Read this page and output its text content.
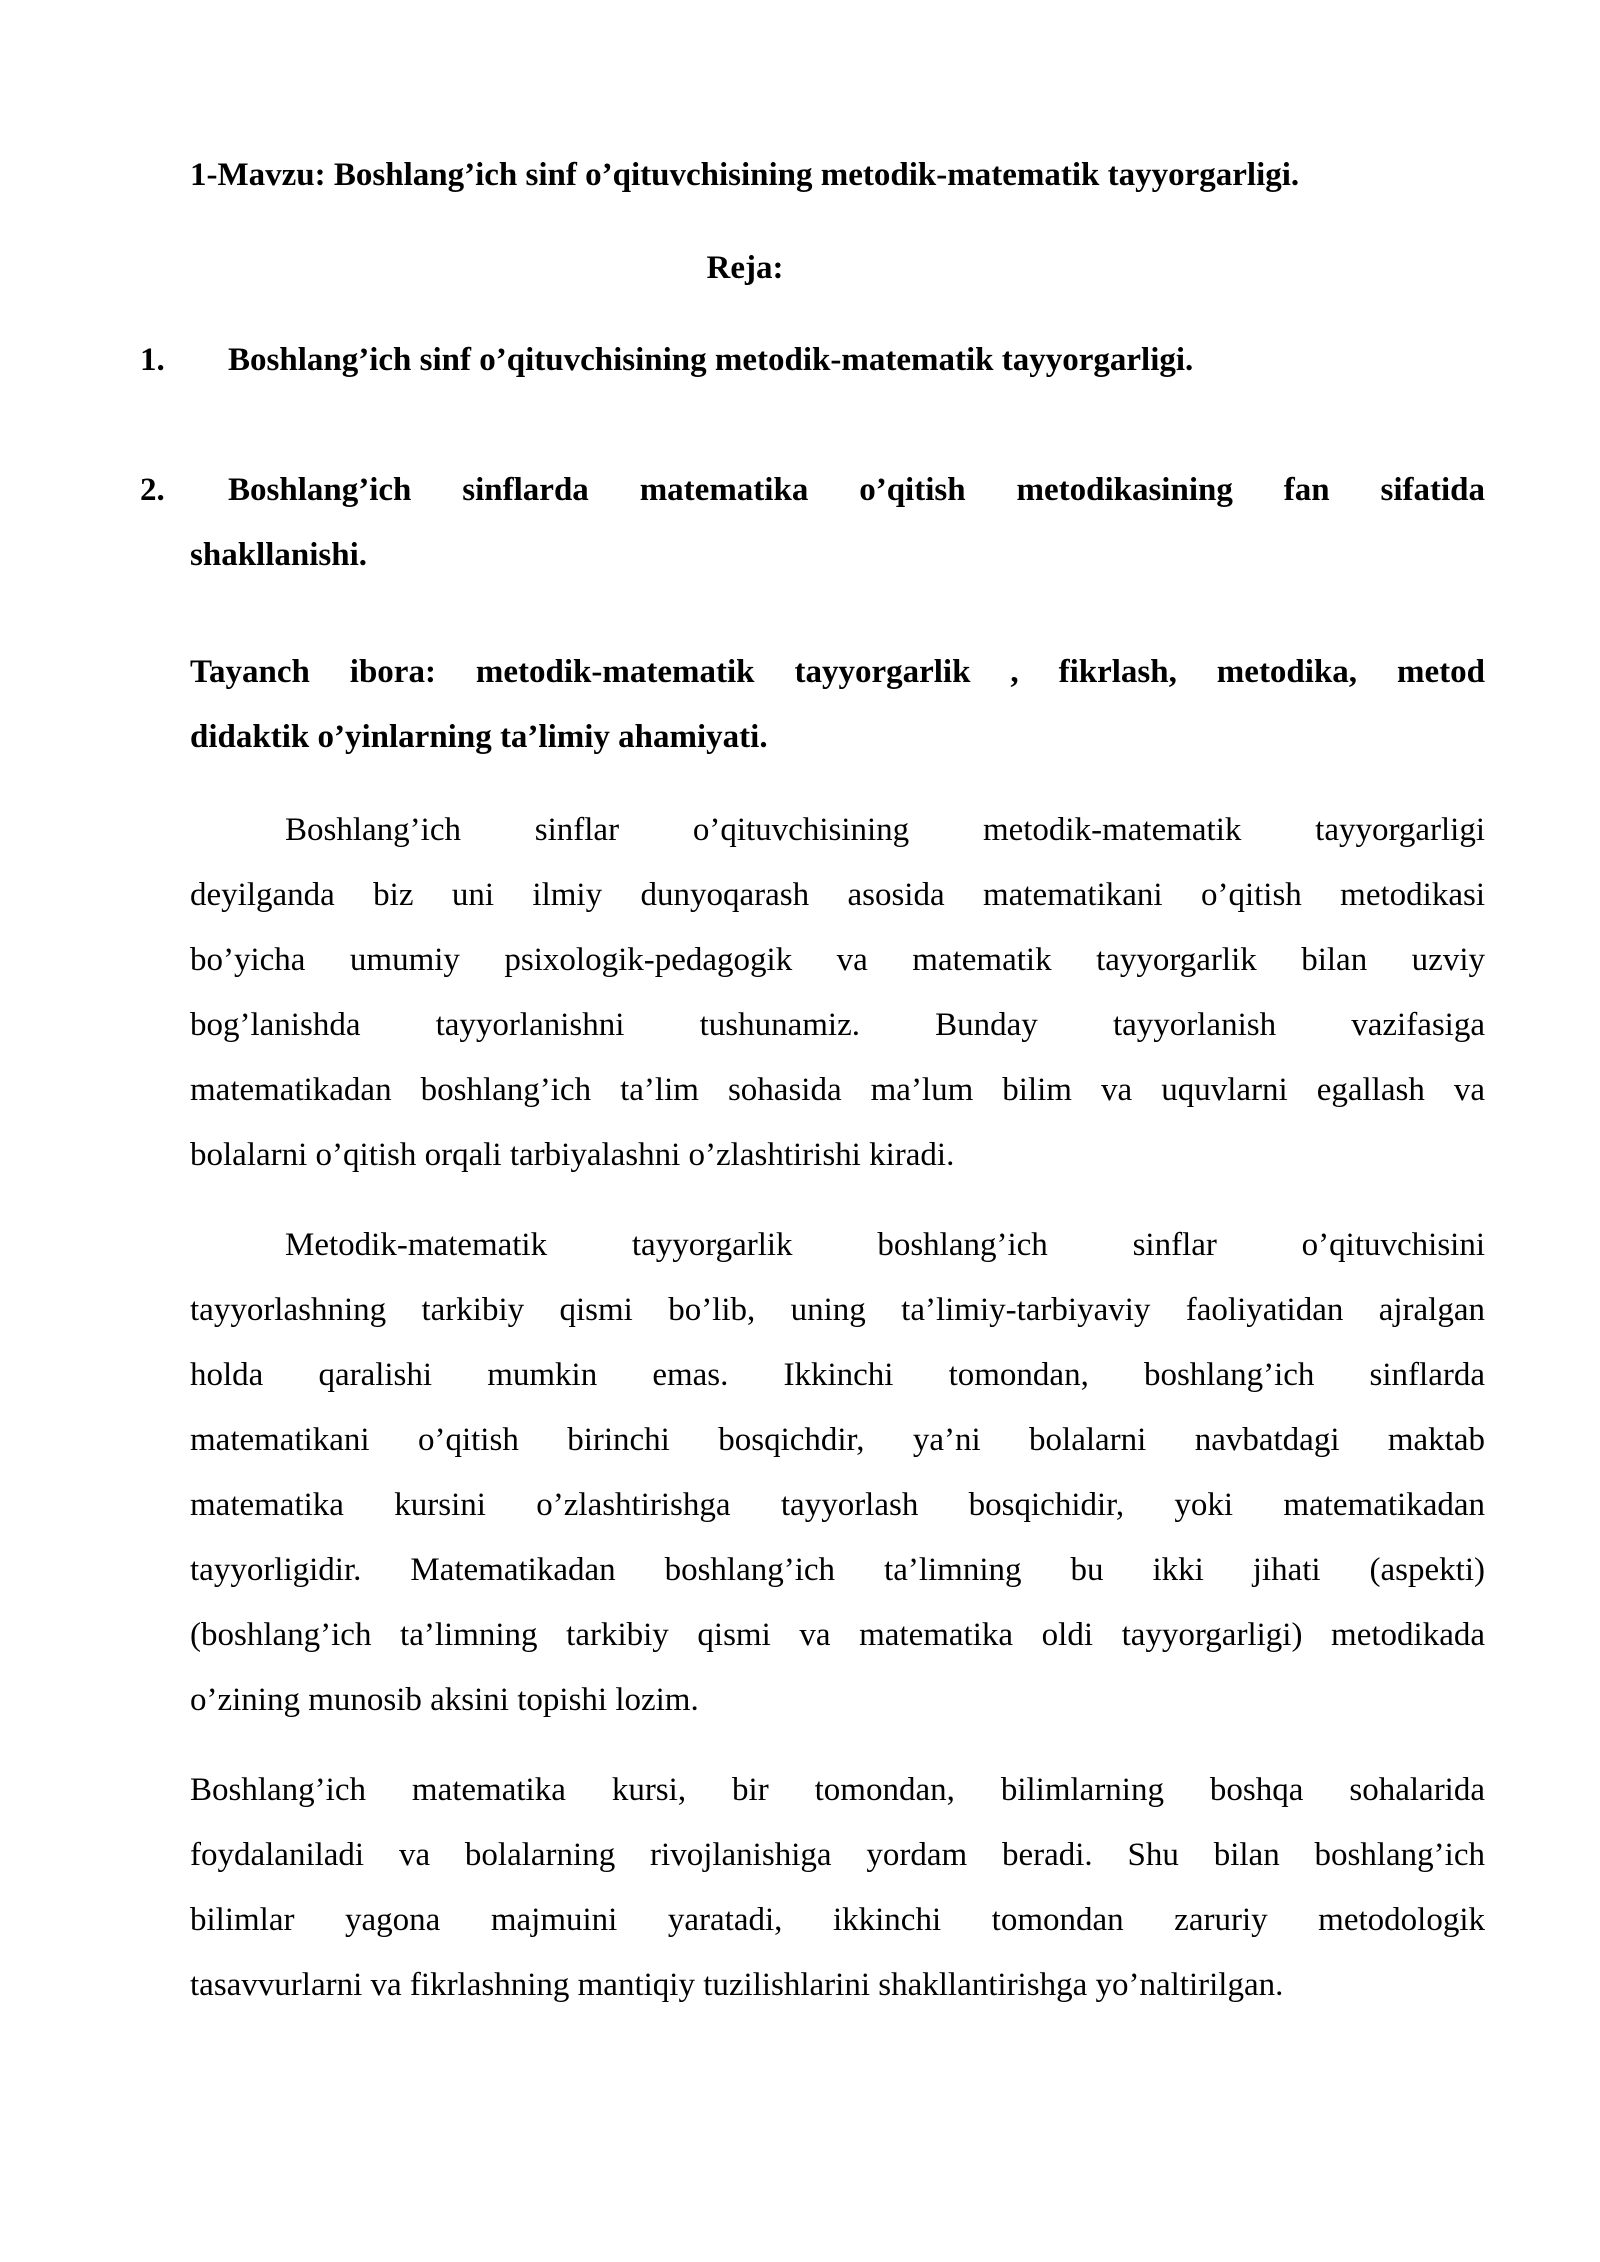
1-Mavzu: Boshlang’ich sinf o’qituvchisining metodik-matematik tayyorgarligi.
Reja:
1.	Boshlang’ich sinf o’qituvchisining metodik-matematik tayyorgarligi.
2.	Boshlang’ich sinflarda matematika o’qitish metodikasining fan sifatida
shakllanishi.
Tayanch ibora: metodik-matematik tayyorgarlik , fikrlash, metodika, metod
didaktik o’yinlarning ta’limiy ahamiyati.
Boshlang’ich sinflar o’qituvchisining metodik-matematik tayyorgarligi
deyilganda biz uni ilmiy dunyoqarash asosida matematikani o’qitish metodikasi
bo’yicha umumiy psixologik-pedagogik va matematik tayyorgarlik bilan uzviy
bog’lanishda tayyorlanishni tushunamiz. Bunday tayyorlanish vazifasiga
matematikadan boshlang’ich ta’lim sohasida ma’lum bilim va uquvlarni egallash va
bolalarni o’qitish orqali tarbiyalashni o’zlashtirishi kiradi.
Metodik-matematik tayyorgarlik boshlang’ich sinflar o’qituvchisini
tayyorlashning tarkibiy qismi bo’lib, uning ta’limiy-tarbiyaviy faoliyatidan ajralgan
holda qaralishi mumkin emas. Ikkinchi tomondan, boshlang’ich sinflarda
matematikani o’qitish birinchi bosqichdir, ya’ni bolalarni navbatdagi maktab
matematika kursini o’zlashtirishga tayyorlash bosqichidir, yoki matematikadan
tayyorligidir. Matematikadan boshlang’ich ta’limning bu ikki jihati (aspekti)
(boshlang’ich ta’limning tarkibiy qismi va matematika oldi tayyorgarligi) metodikada
o’zining munosib aksini topishi lozim.
Boshlang’ich matematika kursi, bir tomondan, bilimlarning boshqa sohalarida
foydalaniladi va bolalarning rivojlanishiga yordam beradi. Shu bilan boshlang’ich
bilimlar yagona majmuini yaratadi, ikkinchi tomondan zaruriy metodologik
tasavvurlarni va fikrlashning mantiqiy tuzilishlarini shakllantirishga yo’naltirilgan.
